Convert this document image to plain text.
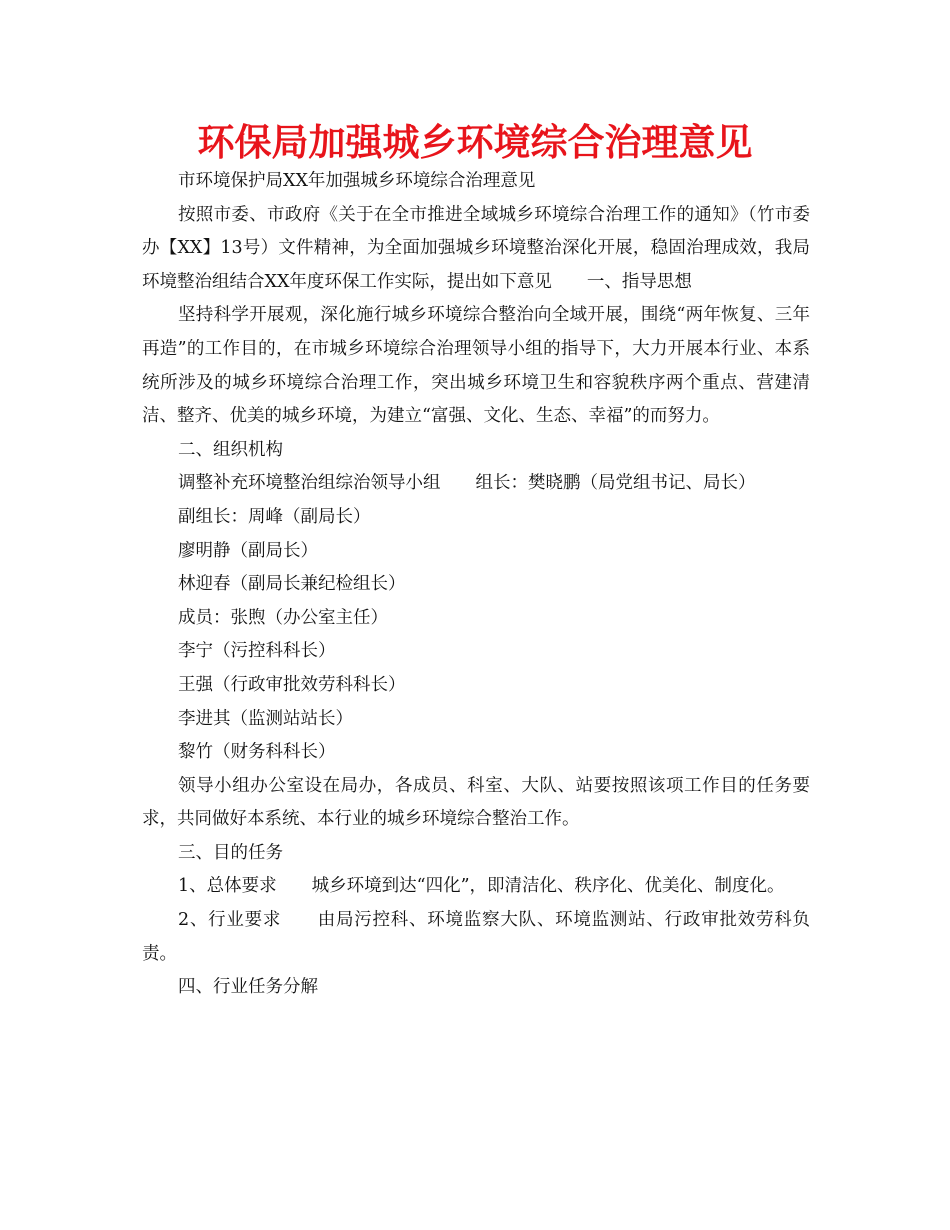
环保局加强城乡环境综合治理意见

市环境保护局XX年加强城乡环境综合治理意见

按照市委、市政府《关于在全市推进全域城乡环境综合治理工作的通知》（竹市委办【XX】13号）文件精神，为全面加强城乡环境整治深化开展，稳固治理成效，我局环境整治组结合XX年度环保工作实际，提出如下意见　　一、指导思想

坚持科学开展观，深化施行城乡环境综合整治向全域开展，围绕“两年恢复、三年再造”的工作目的，在市城乡环境综合治理领导小组的指导下，大力开展本行业、本系统所涉及的城乡环境综合治理工作，突出城乡环境卫生和容貌秩序两个重点、营建清洁、整齐、优美的城乡环境，为建立“富强、文化、生态、幸福”的而努力。

二、组织机构

调整补充环境整治组综治领导小组　　组长：樊晓鹏（局党组书记、局长）

副组长：周峰（副局长）

廖明静（副局长）

林迎春（副局长兼纪检组长）

成员：张煦（办公室主任）

李宁（污控科科长）

王强（行政审批效劳科科长）

李进其（监测站站长）

黎竹（财务科科长）

领导小组办公室设在局办，各成员、科室、大队、站要按照该项工作目的任务要求，共同做好本系统、本行业的城乡环境综合整治工作。

三、目的任务

1、总体要求　　城乡环境到达“四化”，即清洁化、秩序化、优美化、制度化。

2、行业要求　　由局污控科、环境监察大队、环境监测站、行政审批效劳科负责。

四、行业任务分解
